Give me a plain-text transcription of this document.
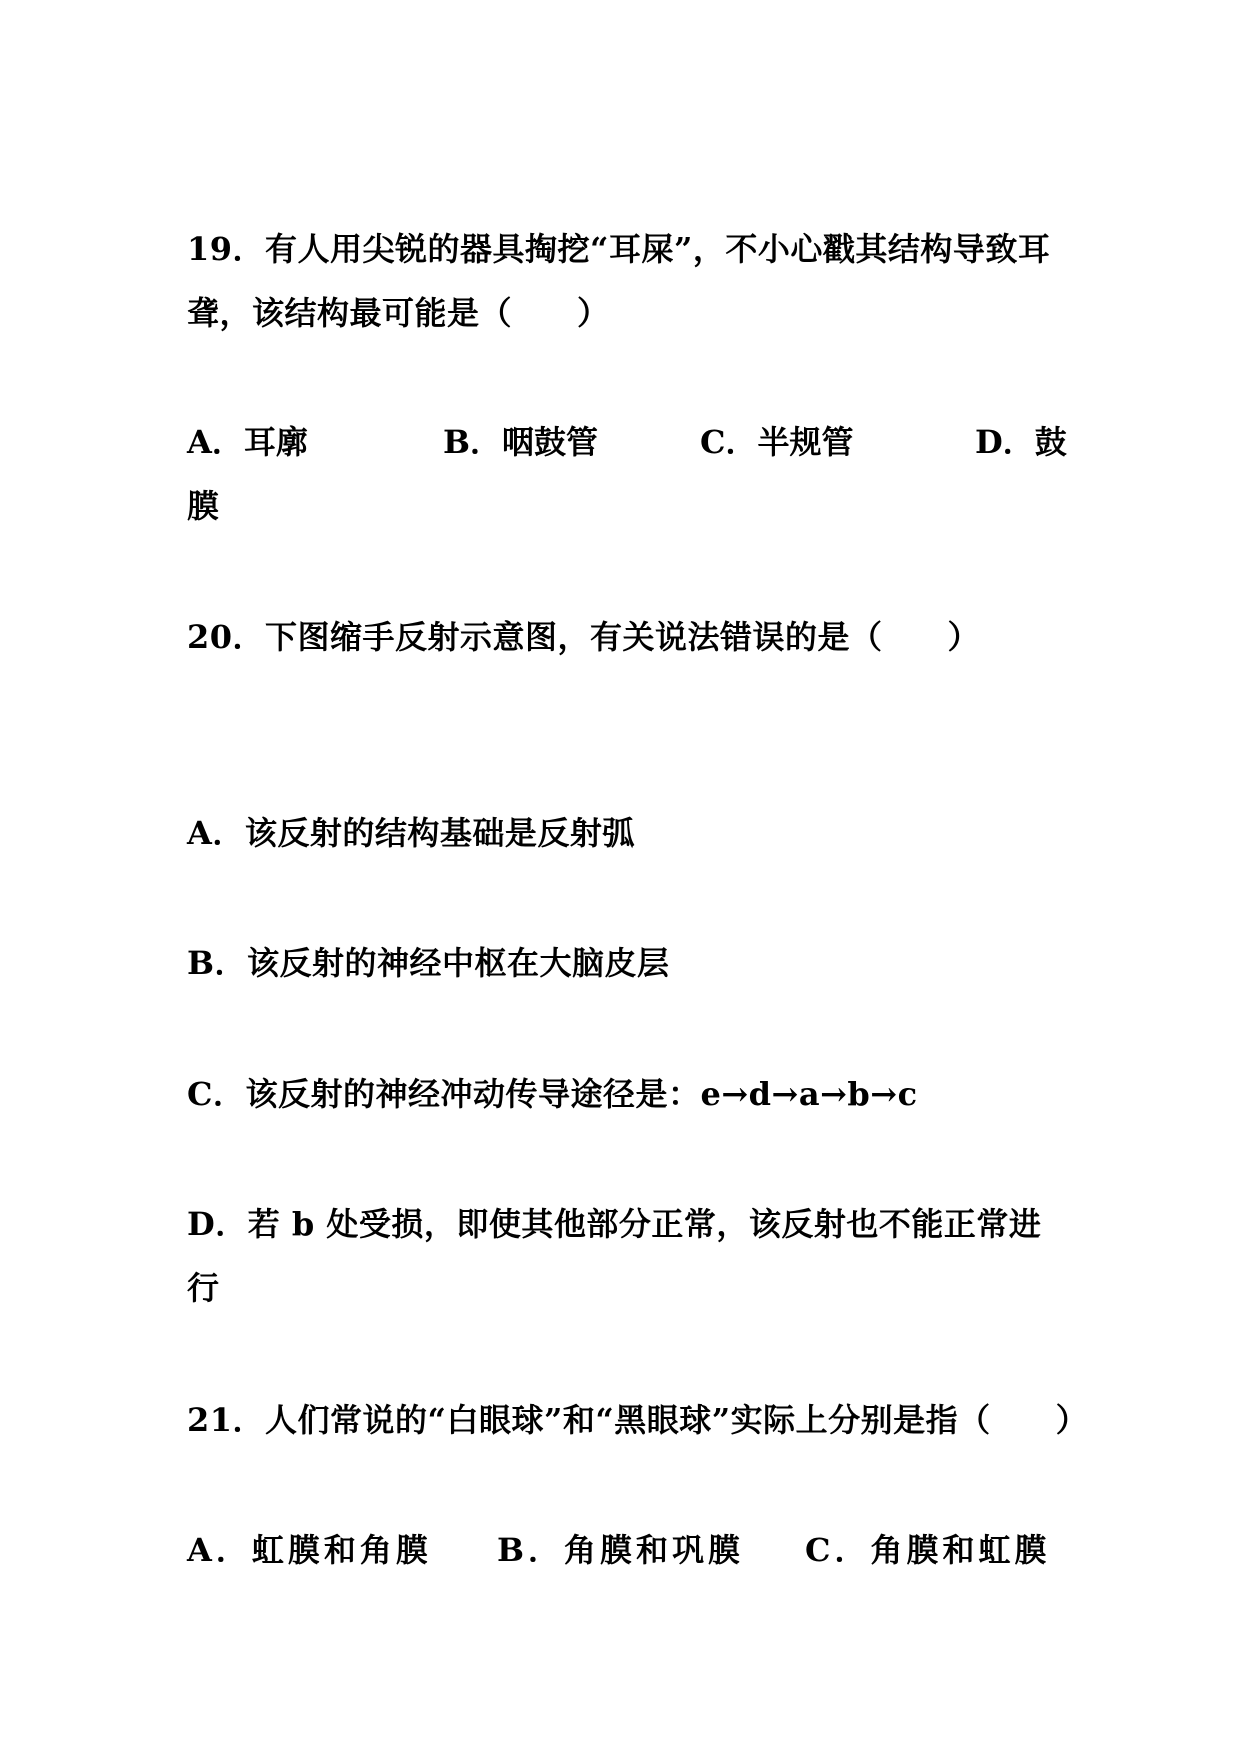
19．有人用尖锐的器具掏挖“耳屎”，不小心戳其结构导致耳
聋，该结构最可能是（　　）
A．耳廓	B．咽鼓管	C．半规管	D．鼓
膜
20．下图缩手反射示意图，有关说法错误的是（　　）
A．该反射的结构基础是反射弧
B．该反射的神经中枢在大脑皮层
C．该反射的神经冲动传导途径是：e→d→a→b→c
D．若 b 处受损，即使其他部分正常，该反射也不能正常进
行
21．人们常说的“白眼球”和“黑眼球”实际上分别是指（　　）
A．虹膜和角膜 B．角膜和巩膜 C．角膜和虹膜
